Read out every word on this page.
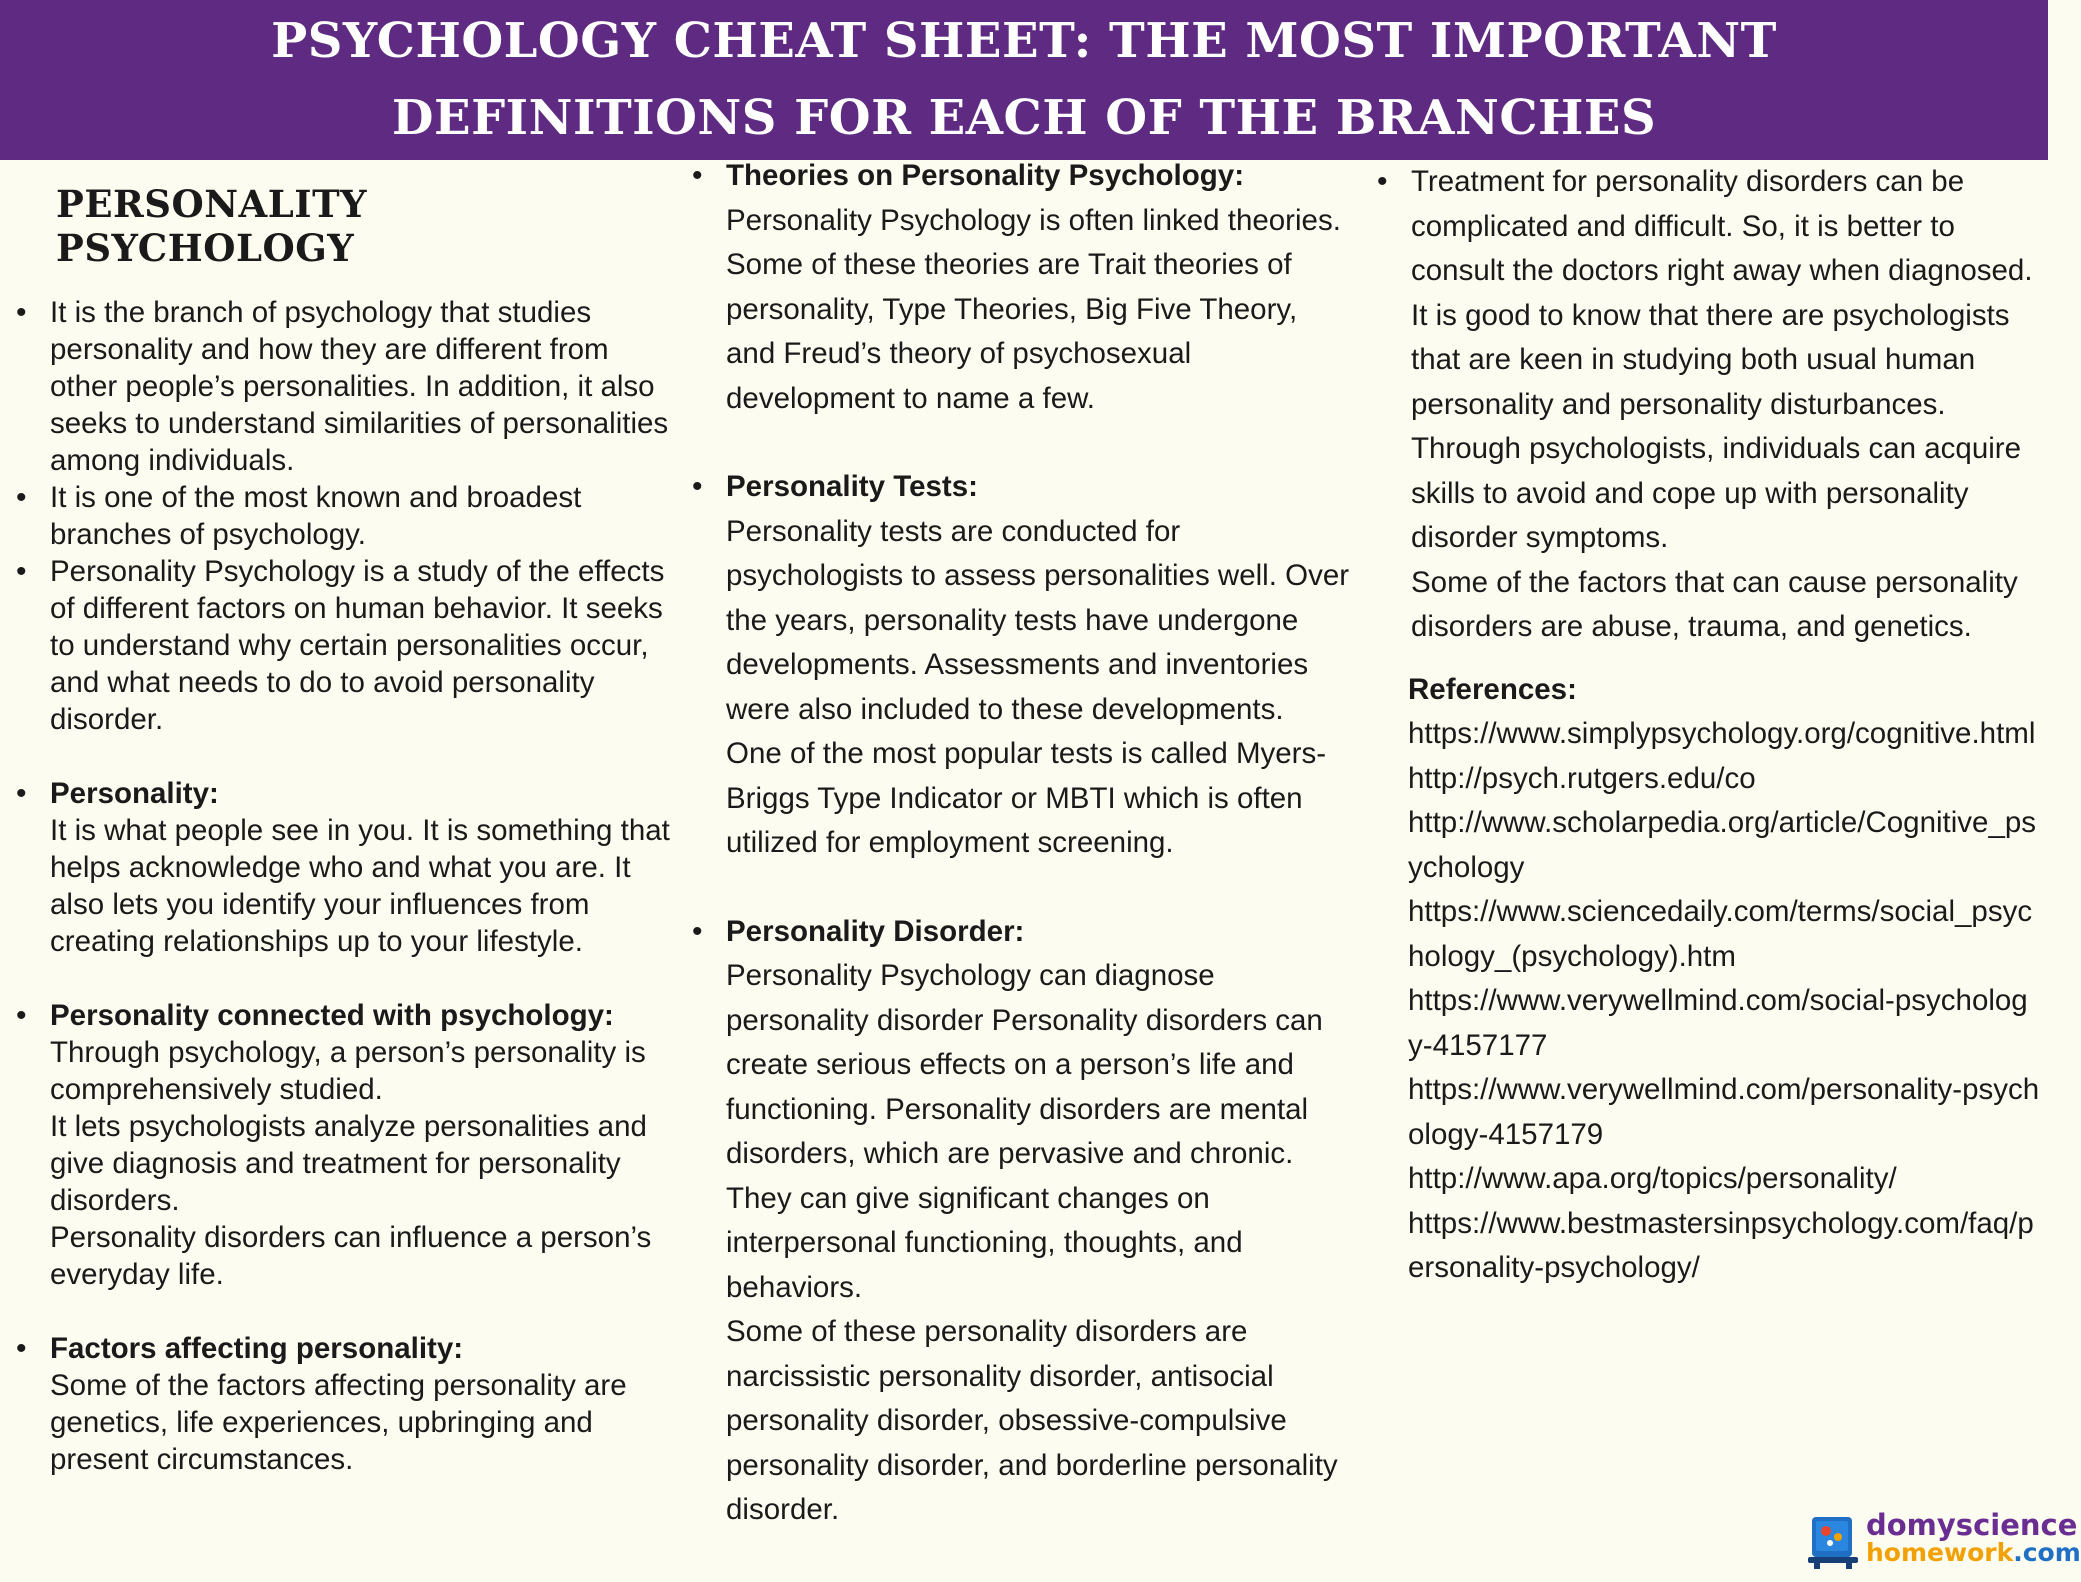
PSYCHOLOGY CHEAT SHEET: THE MOST IMPORTANT DEFINITIONS FOR EACH OF THE BRANCHES
PERSONALITY PSYCHOLOGY
• It is the branch of psychology that studies personality and how they are different from other people’s personalities. In addition, it also seeks to understand similarities of personalities among individuals.
• It is one of the most known and broadest branches of psychology.
• Personality Psychology is a study of the effects of different factors on human behavior. It seeks to understand why certain personalities occur, and what needs to do to avoid personality disorder.
• Personality:
It is what people see in you. It is something that helps acknowledge who and what you are. It also lets you identify your influences from creating relationships up to your lifestyle.
• Personality connected with psychology:
Through psychology, a person’s personality is comprehensively studied.
It lets psychologists analyze personalities and give diagnosis and treatment for personality disorders.
Personality disorders can influence a person’s everyday life.
• Factors affecting personality:
Some of the factors affecting personality are genetics, life experiences, upbringing and present circumstances.
• Theories on Personality Psychology:
Personality Psychology is often linked theories. Some of these theories are Trait theories of personality, Type Theories, Big Five Theory, and Freud’s theory of psychosexual development to name a few.
• Personality Tests:
Personality tests are conducted for psychologists to assess personalities well. Over the years, personality tests have undergone developments. Assessments and inventories were also included to these developments.
One of the most popular tests is called Myers-Briggs Type Indicator or MBTI which is often utilized for employment screening.
• Personality Disorder:
Personality Psychology can diagnose personality disorder Personality disorders can create serious effects on a person’s life and functioning. Personality disorders are mental disorders, which are pervasive and chronic. They can give significant changes on interpersonal functioning, thoughts, and behaviors.
Some of these personality disorders are narcissistic personality disorder, antisocial personality disorder, obsessive-compulsive personality disorder, and borderline personality disorder.
• Treatment for personality disorders can be complicated and difficult. So, it is better to consult the doctors right away when diagnosed.
It is good to know that there are psychologists that are keen in studying both usual human personality and personality disturbances.
Through psychologists, individuals can acquire skills to avoid and cope up with personality disorder symptoms.
Some of the factors that can cause personality disorders are abuse, trauma, and genetics.
References:
https://www.simplypsychology.org/cognitive.html
http://psych.rutgers.edu/co
http://www.scholarpedia.org/article/Cognitive_psychology
https://www.sciencedaily.com/terms/social_psychology_(psychology).htm
https://www.verywellmind.com/social-psychology-4157177
https://www.verywellmind.com/personality-psychology-4157179
http://www.apa.org/topics/personality/
https://www.bestmastersinpsychology.com/faq/personality-psychology/
domyscience
homework.com
